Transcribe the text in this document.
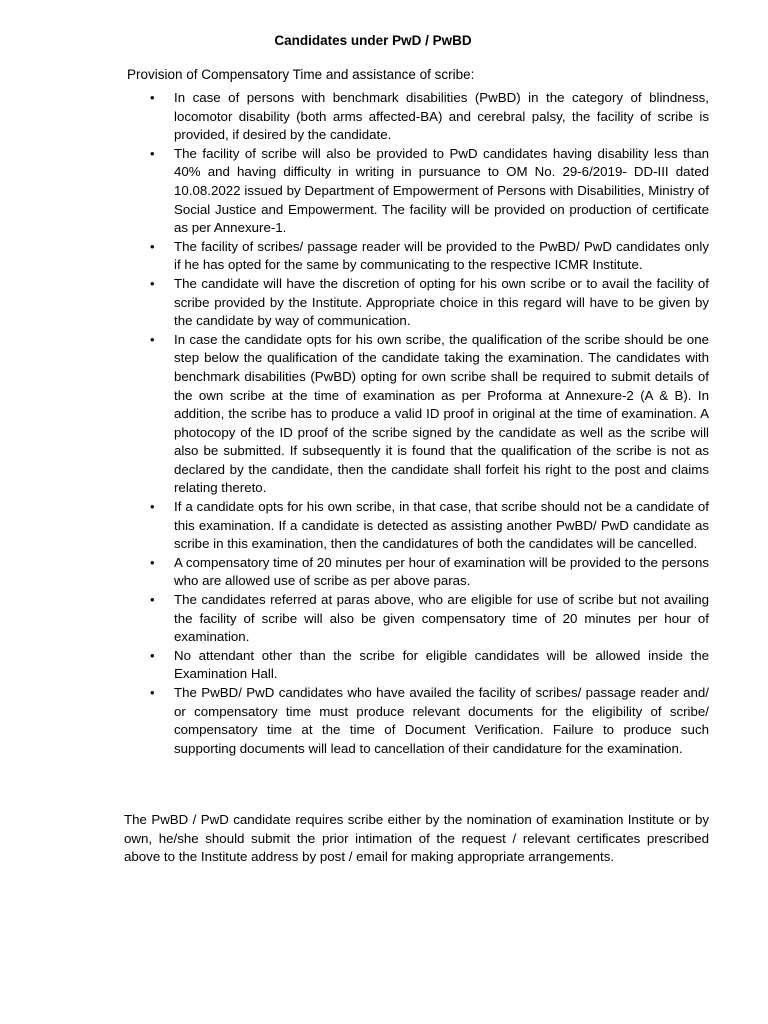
Candidates under PwD / PwBD
Provision of Compensatory Time and assistance of scribe:
• In case of persons with benchmark disabilities (PwBD) in the category of blindness, locomotor disability (both arms affected-BA) and cerebral palsy, the facility of scribe is provided, if desired by the candidate.
• The facility of scribe will also be provided to PwD candidates having disability less than 40% and having difficulty in writing in pursuance to OM No. 29-6/2019- DD-III dated 10.08.2022 issued by Department of Empowerment of Persons with Disabilities, Ministry of Social Justice and Empowerment. The facility will be provided on production of certificate as per Annexure-1.
• The facility of scribes/ passage reader will be provided to the PwBD/ PwD candidates only if he has opted for the same by communicating to the respective ICMR Institute.
• The candidate will have the discretion of opting for his own scribe or to avail the facility of scribe provided by the Institute. Appropriate choice in this regard will have to be given by the candidate by way of communication.
• In case the candidate opts for his own scribe, the qualification of the scribe should be one step below the qualification of the candidate taking the examination. The candidates with benchmark disabilities (PwBD) opting for own scribe shall be required to submit details of the own scribe at the time of examination as per Proforma at Annexure-2 (A & B). In addition, the scribe has to produce a valid ID proof in original at the time of examination. A photocopy of the ID proof of the scribe signed by the candidate as well as the scribe will also be submitted. If subsequently it is found that the qualification of the scribe is not as declared by the candidate, then the candidate shall forfeit his right to the post and claims relating thereto.
• If a candidate opts for his own scribe, in that case, that scribe should not be a candidate of this examination. If a candidate is detected as assisting another PwBD/ PwD candidate as scribe in this examination, then the candidatures of both the candidates will be cancelled.
• A compensatory time of 20 minutes per hour of examination will be provided to the persons who are allowed use of scribe as per above paras.
• The candidates referred at paras above, who are eligible for use of scribe but not availing the facility of scribe will also be given compensatory time of 20 minutes per hour of examination.
• No attendant other than the scribe for eligible candidates will be allowed inside the Examination Hall.
• The PwBD/ PwD candidates who have availed the facility of scribes/ passage reader and/ or compensatory time must produce relevant documents for the eligibility of scribe/ compensatory time at the time of Document Verification. Failure to produce such supporting documents will lead to cancellation of their candidature for the examination.
The PwBD / PwD candidate requires scribe either by the nomination of examination Institute or by own, he/she should submit the prior intimation of the request / relevant certificates prescribed above to the Institute address by post / email for making appropriate arrangements.
